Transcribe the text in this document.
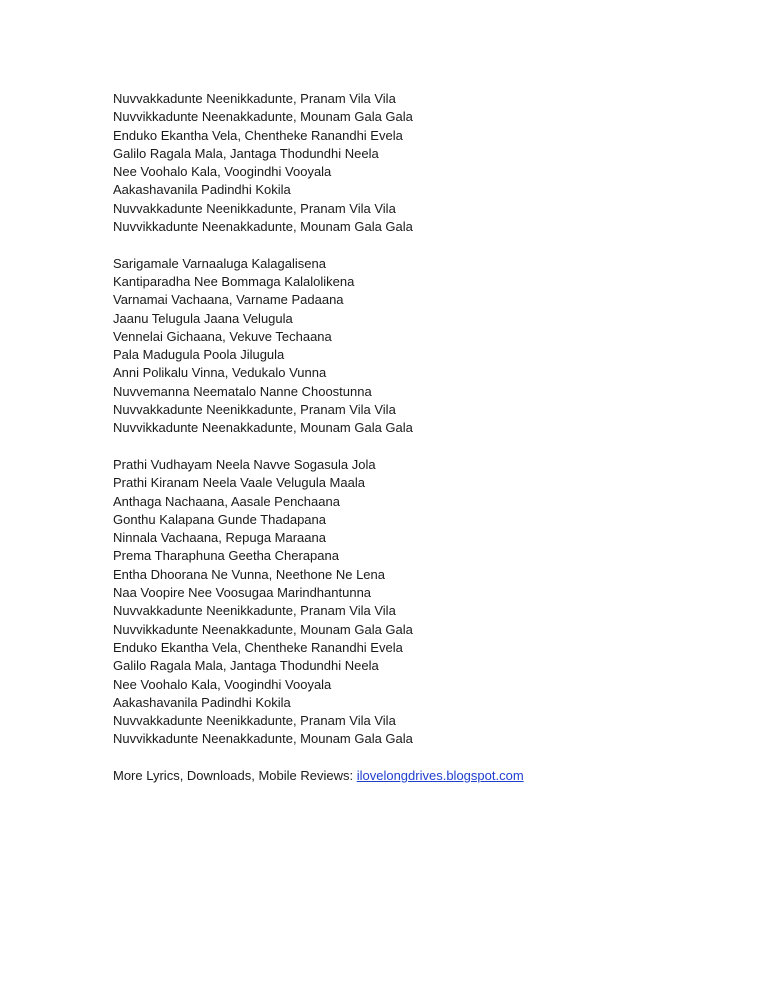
Nuvvakkadunte Neenikkadunte, Pranam Vila Vila
Nuvvikkadunte Neenakkadunte, Mounam Gala Gala
Enduko Ekantha Vela, Chentheke Ranandhi Evela
Galilo Ragala Mala, Jantaga Thodundhi Neela
Nee Voohalo Kala, Voogindhi Vooyala
Aakashavanila Padindhi Kokila
Nuvvakkadunte Neenikkadunte, Pranam Vila Vila
Nuvvikkadunte Neenakkadunte, Mounam Gala Gala
Sarigamale Varnaaluga Kalagalisena
Kantiparadha Nee Bommaga Kalalolikena
Varnamai Vachaana, Varname Padaana
Jaanu Telugula Jaana Velugula
Vennelai Gichaana, Vekuve Techaana
Pala Madugula Poola Jilugula
Anni Polikalu Vinna, Vedukalo Vunna
Nuvvemanna Neematalo Nanne Choostunna
Nuvvakkadunte Neenikkadunte, Pranam Vila Vila
Nuvvikkadunte Neenakkadunte, Mounam Gala Gala
Prathi Vudhayam Neela Navve Sogasula Jola
Prathi Kiranam Neela Vaale Velugula Maala
Anthaga Nachaana, Aasale Penchaana
Gonthu Kalapana Gunde Thadapana
Ninnala Vachaana, Repuga Maraana
Prema Tharaphuna Geetha Cherapana
Entha Dhoorana Ne Vunna, Neethone Ne Lena
Naa Voopire Nee Voosugaa Marindhantunna
Nuvvakkadunte Neenikkadunte, Pranam Vila Vila
Nuvvikkadunte Neenakkadunte, Mounam Gala Gala
Enduko Ekantha Vela, Chentheke Ranandhi Evela
Galilo Ragala Mala, Jantaga Thodundhi Neela
Nee Voohalo Kala, Voogindhi Vooyala
Aakashavanila Padindhi Kokila
Nuvvakkadunte Neenikkadunte, Pranam Vila Vila
Nuvvikkadunte Neenakkadunte, Mounam Gala Gala
More Lyrics, Downloads, Mobile Reviews: ilovelongdrives.blogspot.com
